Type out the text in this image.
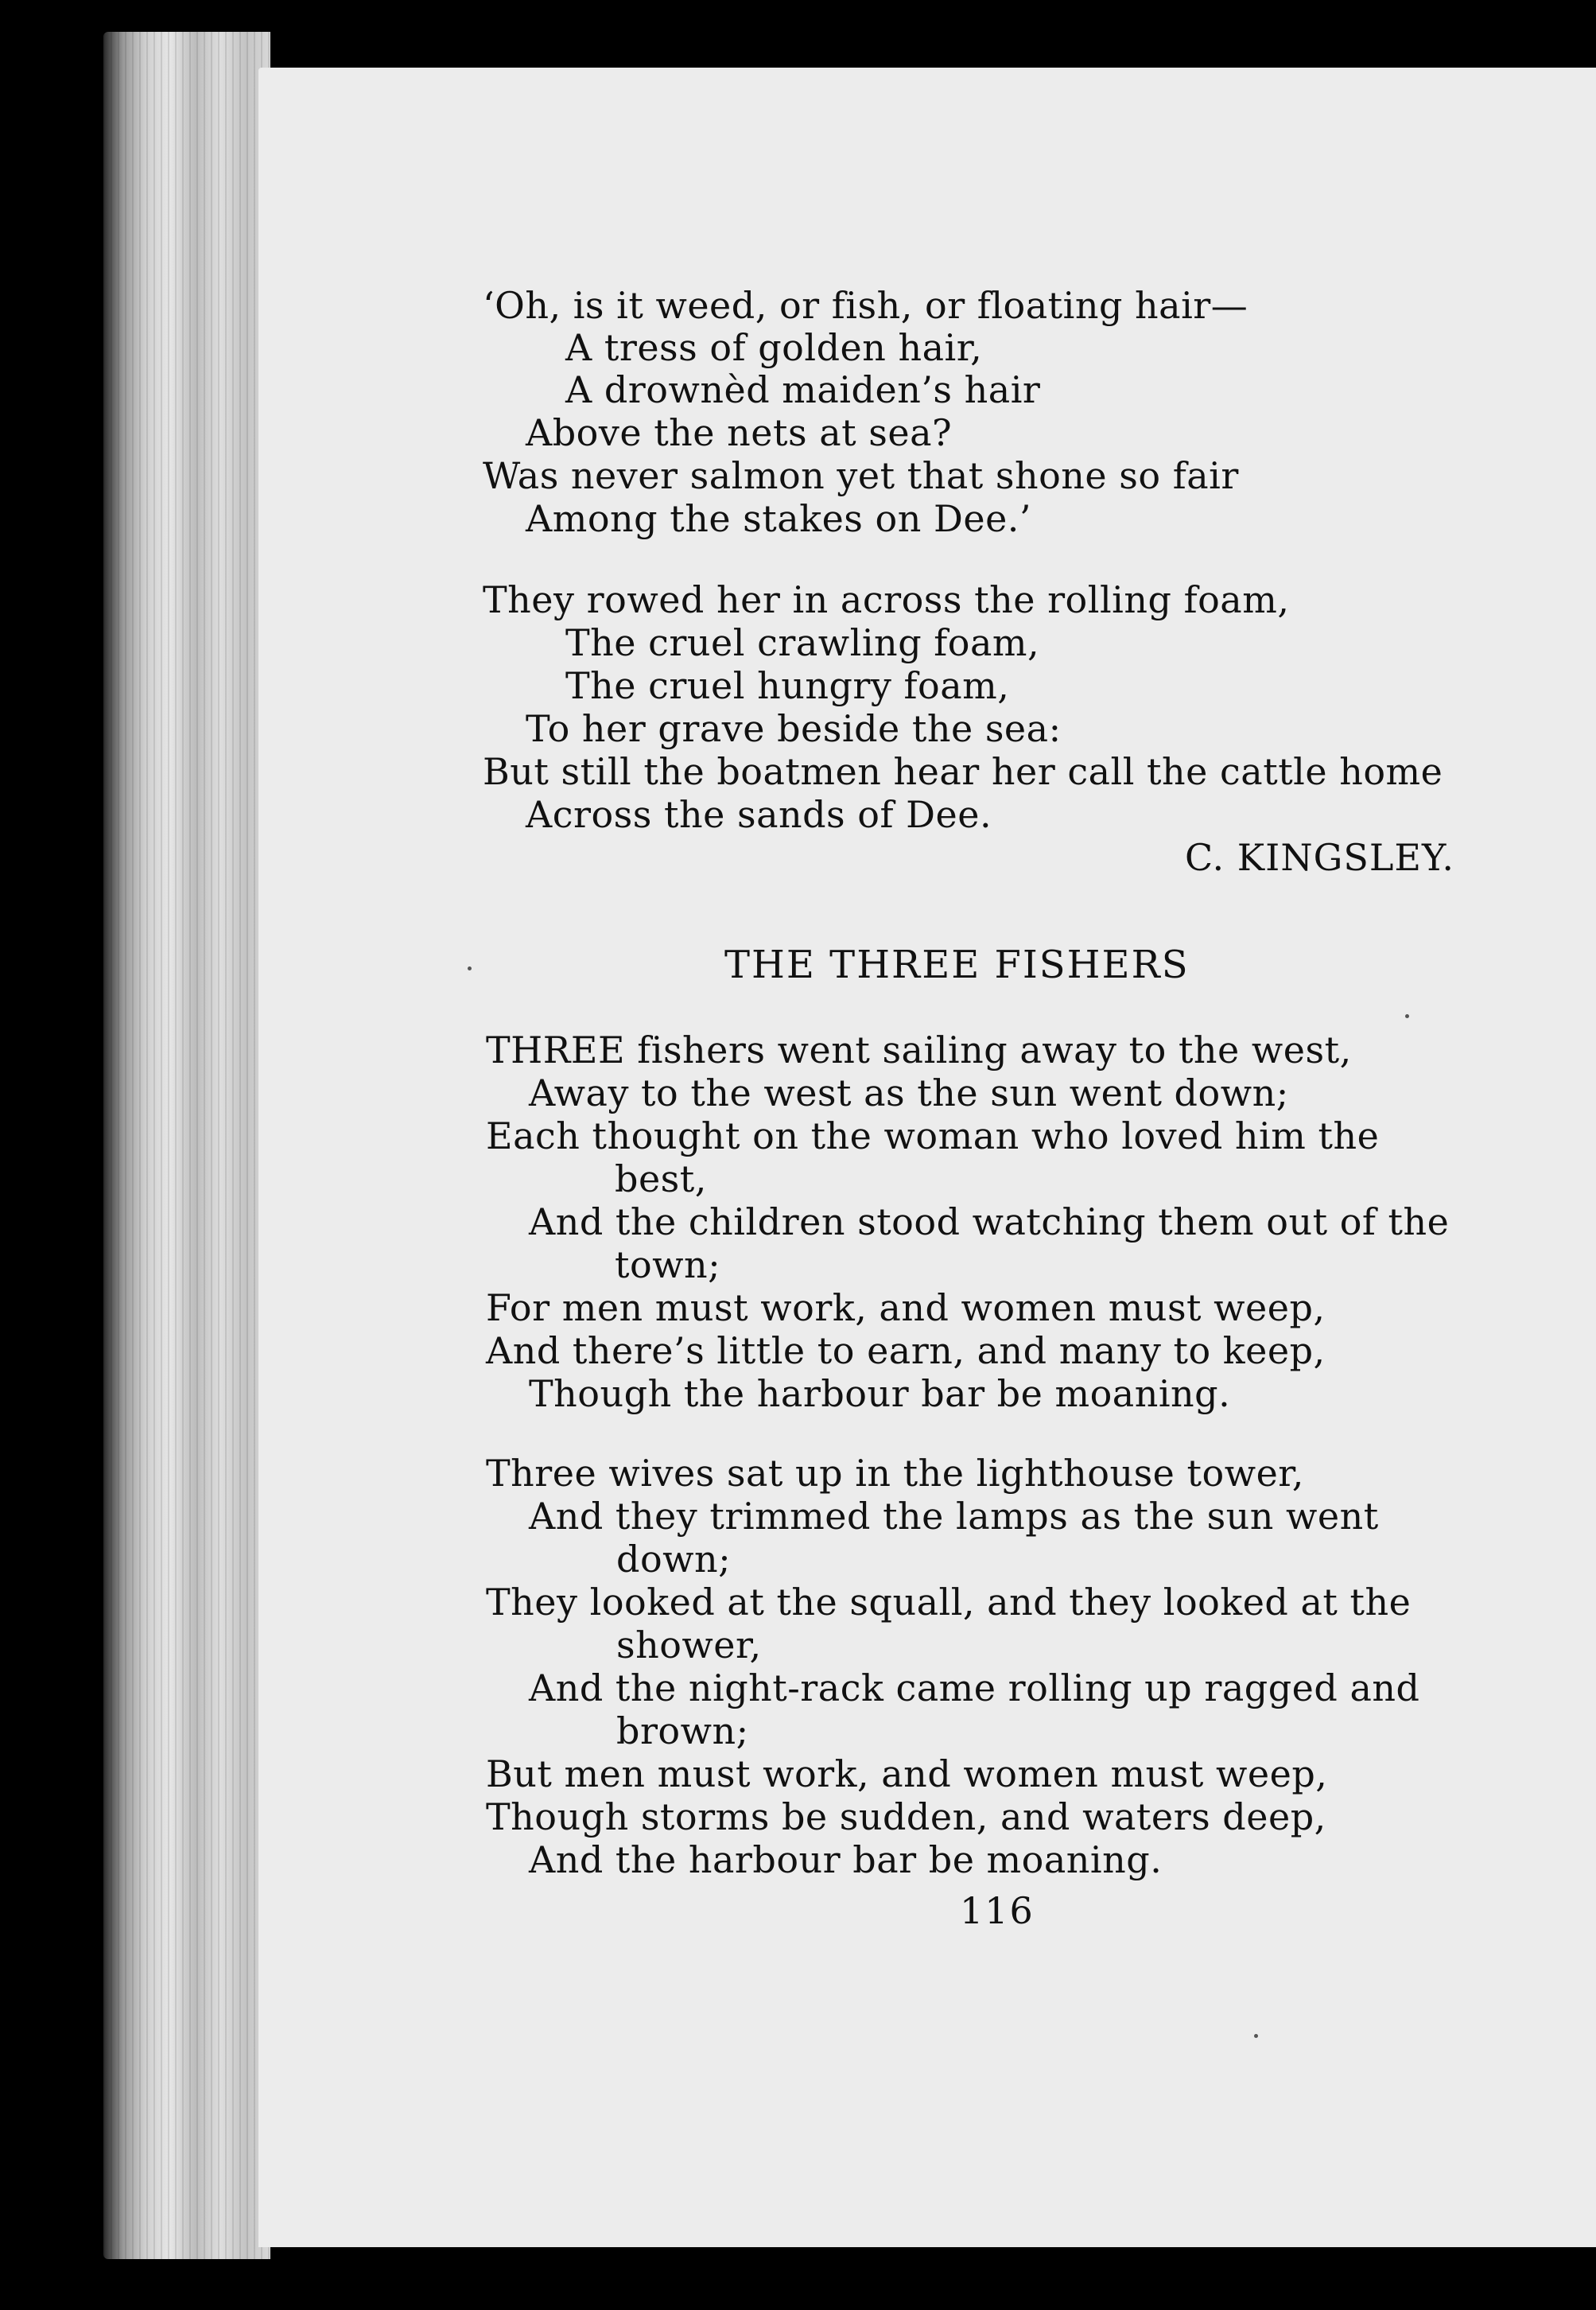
‘Oh, is it weed, or fish, or floating hair—
A tress of golden hair,
A drownèd maiden’s hair
Above the nets at sea?
Was never salmon yet that shone so fair
Among the stakes on Dee.’
They rowed her in across the rolling foam,
The cruel crawling foam,
The cruel hungry foam,
To her grave beside the sea:
But still the boatmen hear her call the cattle home
Across the sands of Dee.
C. KINGSLEY.
THE THREE FISHERS
THREE fishers went sailing away to the west,
Away to the west as the sun went down;
Each thought on the woman who loved him the
best,
And the children stood watching them out of the
town;
For men must work, and women must weep,
And there’s little to earn, and many to keep,
Though the harbour bar be moaning.
Three wives sat up in the lighthouse tower,
And they trimmed the lamps as the sun went
down;
They looked at the squall, and they looked at the
shower,
And the night-rack came rolling up ragged and
brown;
But men must work, and women must weep,
Though storms be sudden, and waters deep,
And the harbour bar be moaning.
116
